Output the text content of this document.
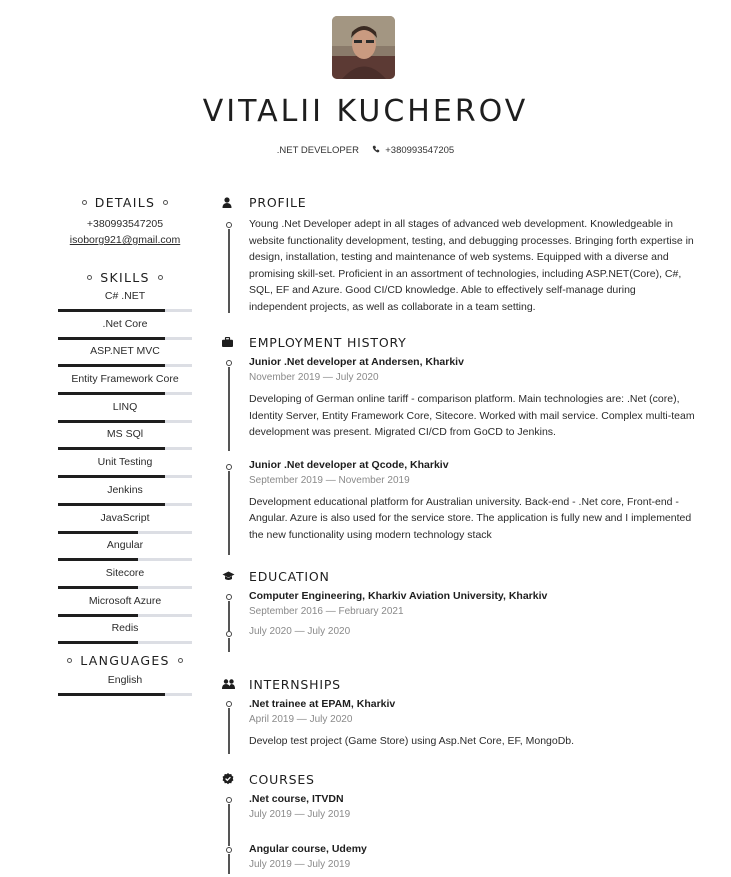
VITALII KUCHEROV
.NET DEVELOPER	+380993547205
DETAILS
+380993547205
isoborg921@gmail.com
SKILLS
C# .NET
.Net Core
ASP.NET MVC
Entity Framework Core
LINQ
MS SQl
Unit Testing
Jenkins
JavaScript
Angular
Sitecore
Microsoft Azure
Redis
LANGUAGES
English
PROFILE
Young .Net Developer adept in all stages of advanced web development. Knowledgeable in website functionality development, testing, and debugging processes. Bringing forth expertise in design, installation, testing and maintenance of web systems. Equipped with a diverse and promising skill-set. Proficient in an assortment of technologies, including ASP.NET(Core), C#, SQL, EF and Azure. Good CI/CD knowledge. Able to effectively self-manage during independent projects, as well as collaborate in a team setting.
EMPLOYMENT HISTORY
Junior .Net developer at Andersen, Kharkiv
November 2019 — July 2020
Developing of German online tariff - comparison platform. Main technologies are: .Net (core), Identity Server, Entity Framework Core, Sitecore. Worked with mail service. Complex multi-team development was present. Migrated CI/CD from GoCD to Jenkins.
Junior .Net developer at Qcode, Kharkiv
September 2019 — November 2019
Development educational platform for Australian university. Back-end - .Net core, Front-end - Angular. Azure is also used for the service store. The application is fully new and I implemented the new functionality using modern technology stack
EDUCATION
Computer Engineering, Kharkiv Aviation University, Kharkiv
September 2016 — February 2021
July 2020 — July 2020
INTERNSHIPS
.Net trainee at EPAM, Kharkiv
April 2019 — July 2020
Develop test project (Game Store) using Asp.Net Core, EF, MongoDb.
COURSES
.Net course, ITVDN
July 2019 — July 2019
Angular course, Udemy
July 2019 — July 2019
